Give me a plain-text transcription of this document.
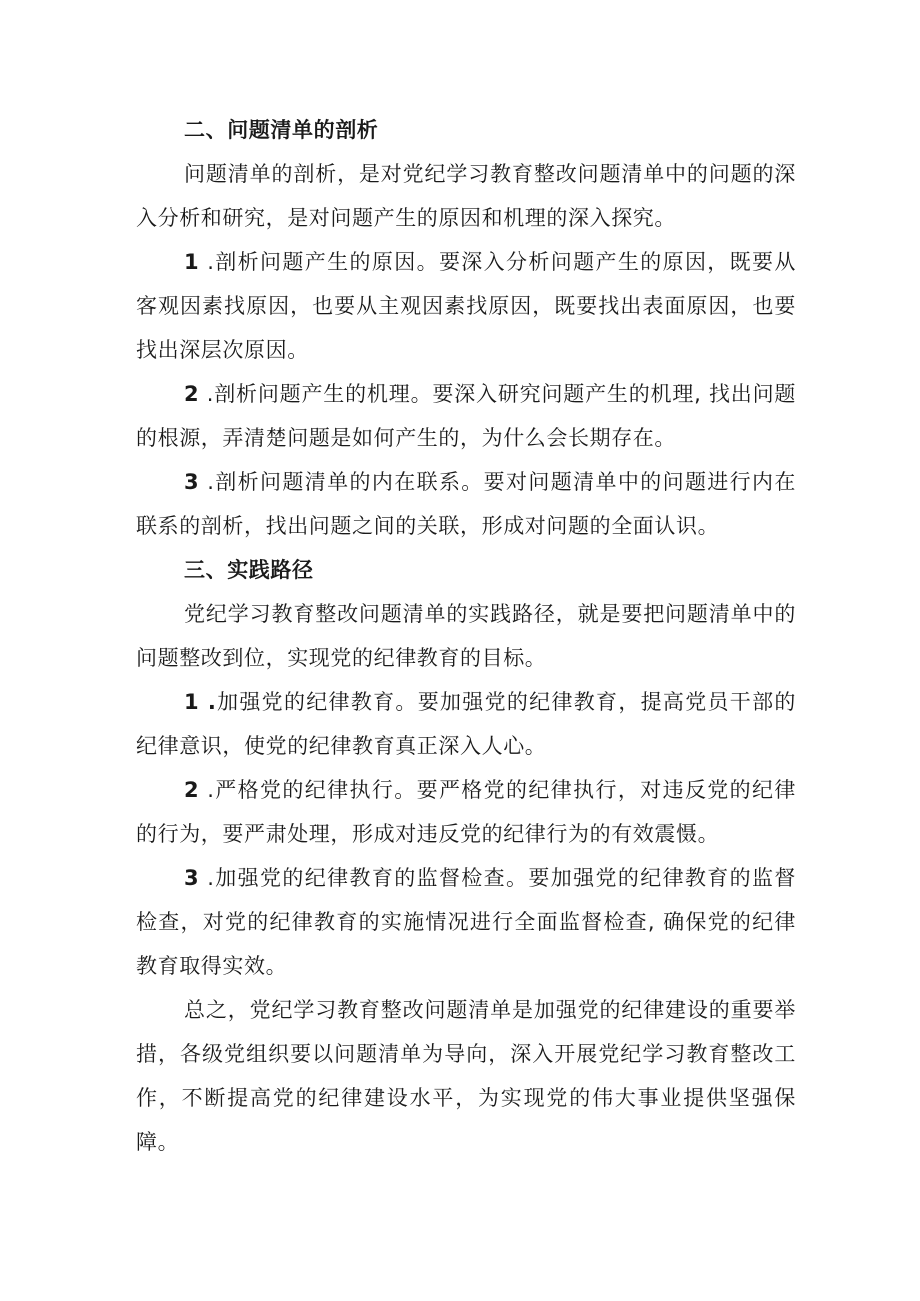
二、问题清单的剖析

问题清单的剖析，是对党纪学习教育整改问题清单中的问题的深入分析和研究，是对问题产生的原因和机理的深入探究。

1 .剖析问题产生的原因。要深入分析问题产生的原因，既要从客观因素找原因，也要从主观因素找原因，既要找出表面原因，也要找出深层次原因。

2 .剖析问题产生的机理。要深入研究问题产生的机理, 找出问题的根源，弄清楚问题是如何产生的，为什么会长期存在。

3 .剖析问题清单的内在联系。要对问题清单中的问题进行内在联系的剖析，找出问题之间的关联，形成对问题的全面认识。

三、实践路径

党纪学习教育整改问题清单的实践路径，就是要把问题清单中的问题整改到位，实现党的纪律教育的目标。

1 .加强党的纪律教育。要加强党的纪律教育，提高党员干部的纪律意识，使党的纪律教育真正深入人心。

2 .严格党的纪律执行。要严格党的纪律执行，对违反党的纪律的行为，要严肃处理，形成对违反党的纪律行为的有效震慑。

3 .加强党的纪律教育的监督检查。要加强党的纪律教育的监督检查，对党的纪律教育的实施情况进行全面监督检查, 确保党的纪律教育取得实效。

总之，党纪学习教育整改问题清单是加强党的纪律建设的重要举措，各级党组织要以问题清单为导向，深入开展党纪学习教育整改工作，不断提高党的纪律建设水平，为实现党的伟大事业提供坚强保障。
